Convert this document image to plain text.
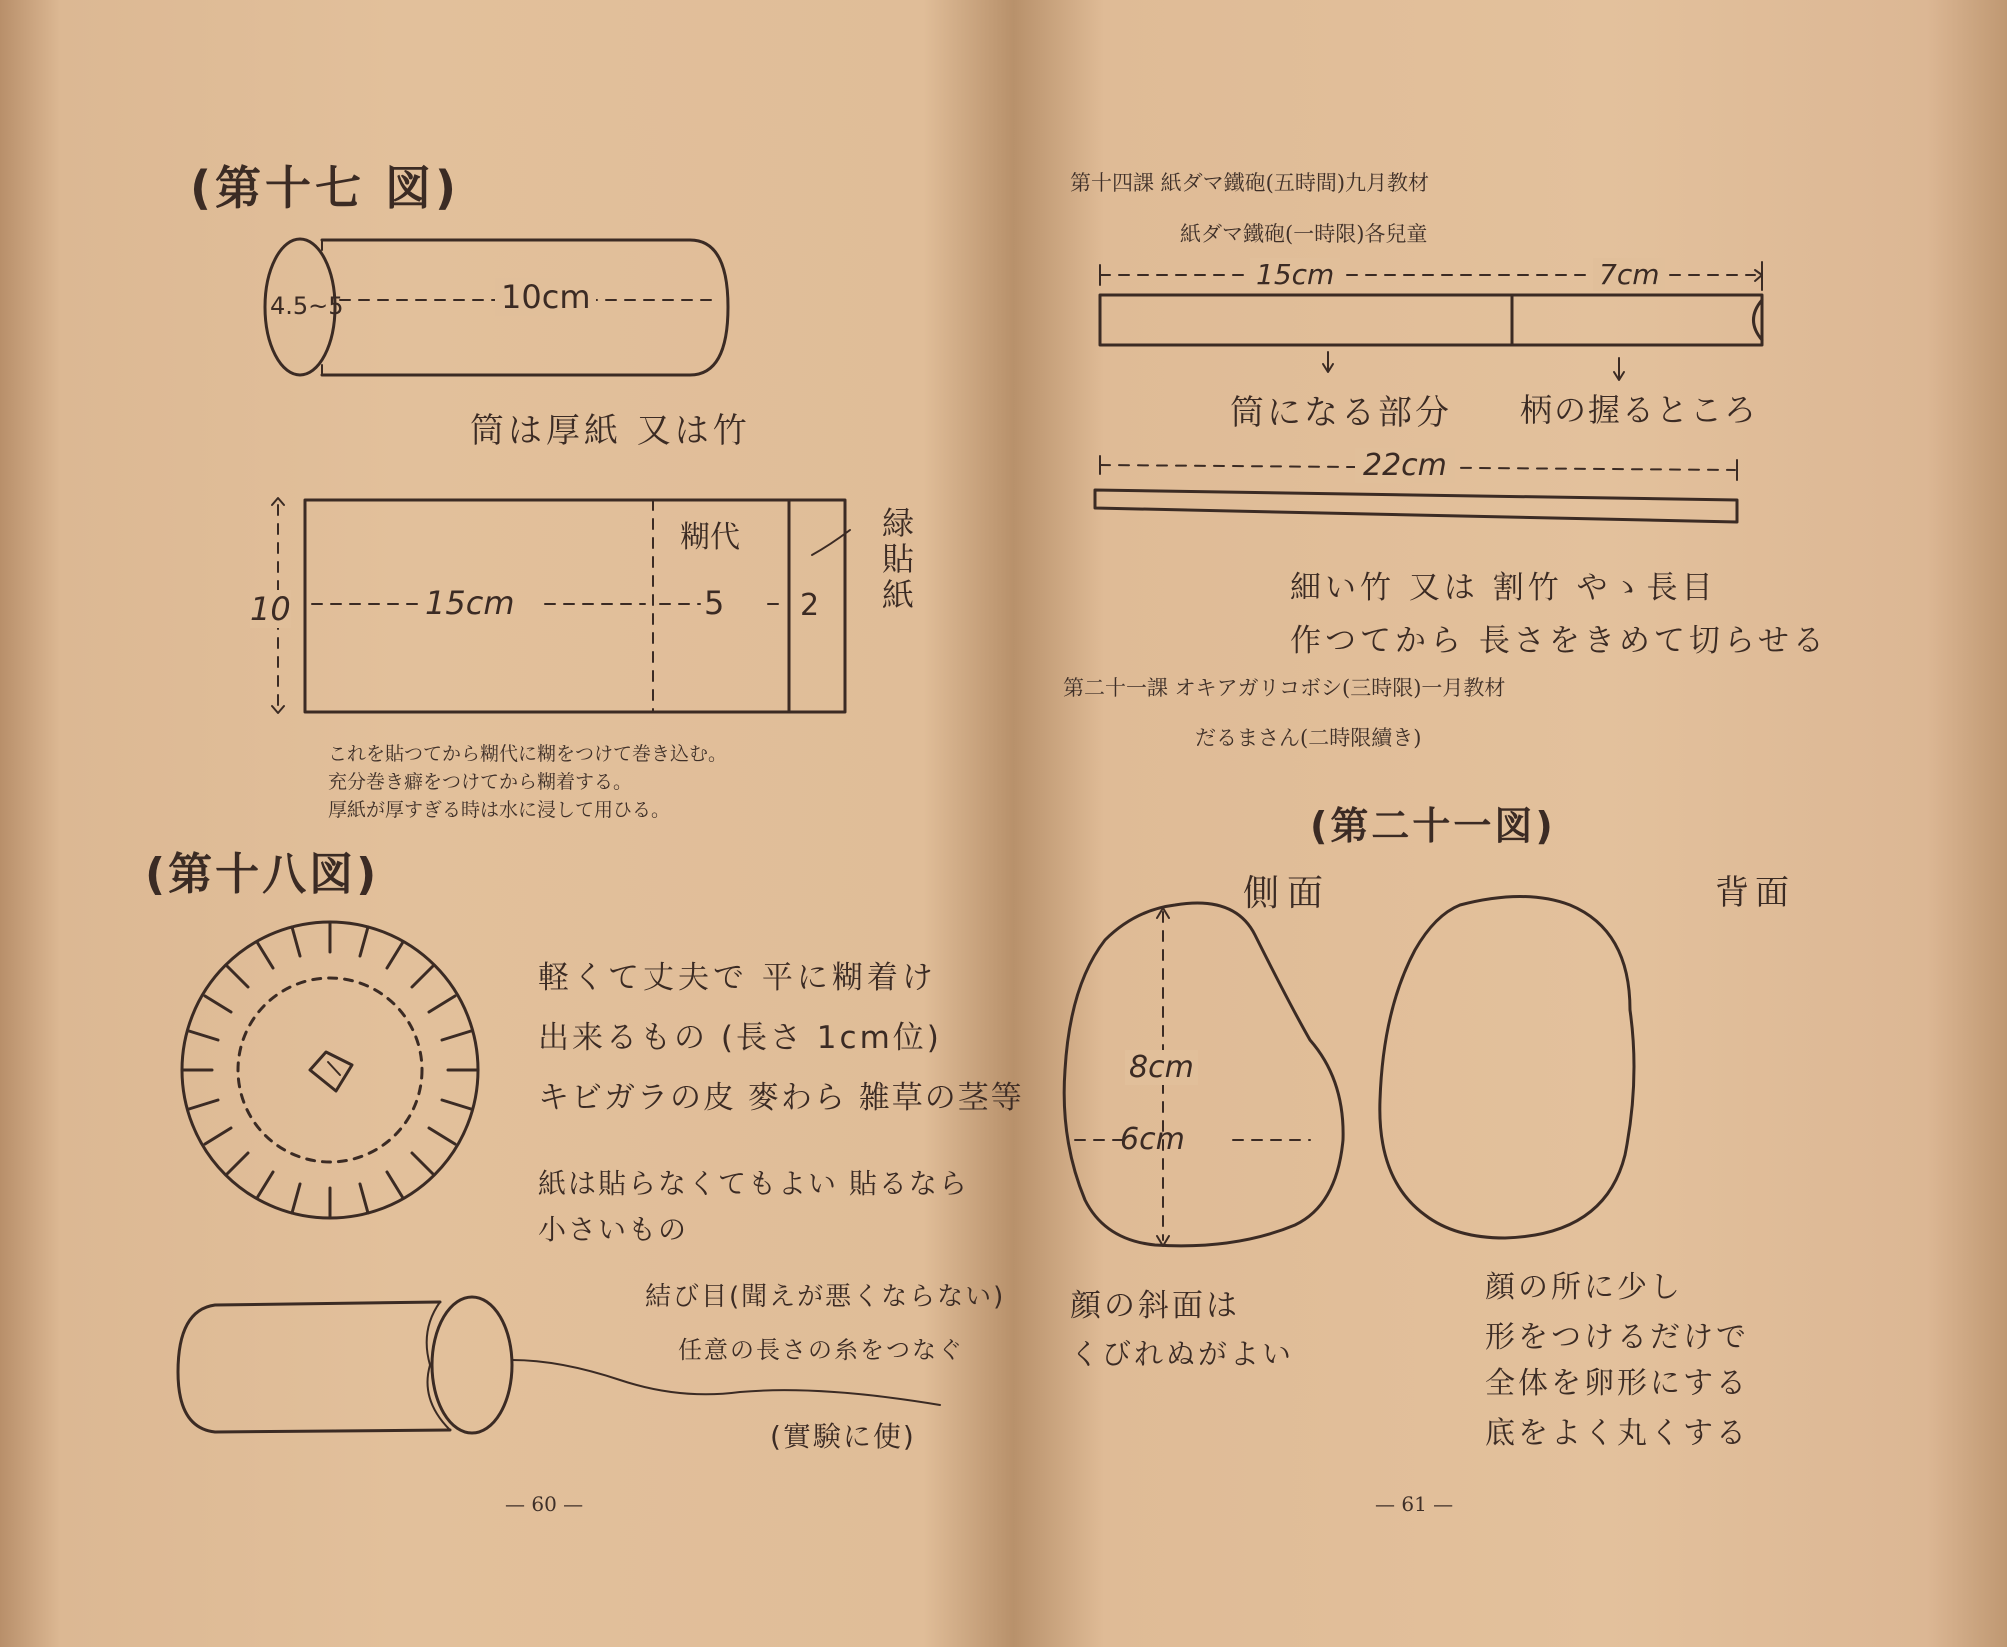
(第十七 図)
4.5~5	10cm
筒は厚紙 又は竹
10	15cm	5	2
糊代	緑
貼
紙
これを貼つてから糊代に糊をつけて巻き込む。
充分巻き癖をつけてから糊着する。
厚紙が厚すぎる時は水に浸して用ひる。
(第十八図)
軽くて丈夫で 平に糊着け
出来るもの (長さ 1cm位)
キビガラの皮 麥わら 雑草の茎等
紙は貼らなくてもよい 貼るなら
小さいもの
結び目(聞えが悪くならない)
任意の長さの糸をつなぐ
(實験に使)
— 60 —
第十四課 紙ダマ鐵砲(五時間)九月教材
紙ダマ鐵砲(一時限)各兒童
15cm	7cm
筒になる部分 柄の握るところ
22cm
細い竹 又は 割竹 やゝ長目
作つてから 長さをきめて切らせる
第二十一課 オキアガリコボシ(三時限)一月教材
だるまさん(二時限續き)
(第二十一図)
側面	背面
8cm
6cm
顔の斜面は
くびれぬがよい
顔の所に少し
形をつけるだけで
全体を卵形にする
底をよく丸くする
— 61 —
